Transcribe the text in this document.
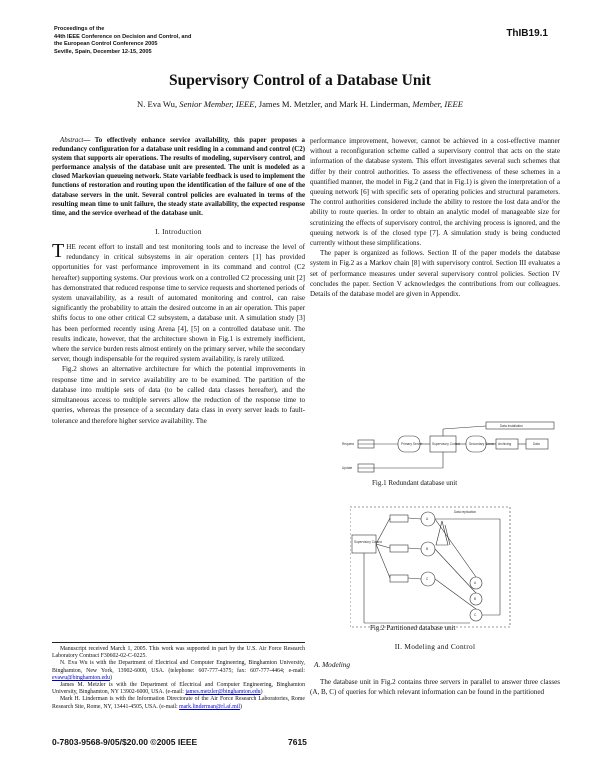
Proceedings of the
44th IEEE Conference on Decision and Control, and
the European Control Conference 2005
Seville, Spain, December 12-15, 2005
ThIB19.1
Supervisory Control of a Database Unit
N. Eva Wu, Senior Member, IEEE, James M. Metzler, and Mark H. Linderman, Member, IEEE

Abstract— To effectively enhance service availability, this paper proposes a redundancy configuration for a database unit residing in a command and control (C2) system that supports air operations. The results of modeling, supervisory control, and performance analysis of the database unit are presented. The unit is modeled as a closed Markovian queueing network. State variable feedback is used to implement the functions of restoration and routing upon the identification of the failure of one of the database servers in the unit. Several control policies are evaluated in terms of the resulting mean time to unit failure, the steady state availability, the expected response time, and the service overhead of the database unit.

I. Introduction

THE recent effort to install and test monitoring tools and to increase the level of redundancy in critical subsystems in air operation centers [1] has provided opportunities for vast performance improvement in its command and control (C2 hereafter) supporting systems. Our previous work on a controlled C2 processing unit [2] has demonstrated that reduced response time to service requests and shortened periods of system unavailability, as a result of automated monitoring and control, can raise significantly the probability to attain the desired outcome in an air operation. This paper shifts focus to one other critical C2 subsystem, a database unit. A simulation study [3] has been performed recently using Arena [4], [5] on a controlled database unit. The results indicate, however, that the architecture shown in Fig.1 is extremely inefficient, where the service burden rests almost entirely on the primary server, while the secondary server, though indispensable for the required system availability, is rarely utilized.

Fig.2 shows an alternative architecture for which the potential improvements in response time and in service availability are to be examined. The partition of the database into multiple sets of data (to be called data classes hereafter), and the simultaneous access to multiple servers allow the reduction of the response time to queries, whereas the presence of a secondary data class in every server leads to fault-tolerance and therefore higher service availability. The

Manuscript received March 1, 2005. This work was supported in part by the U.S. Air Force Research Laboratory Contract F30602-02-C-0225.

N. Eva Wu is with the Department of Electrical and Computer Engineering, Binghamton University, Binghamton, New York, 13902-6000, USA. (telephone: 607-777-4375; fax: 607-777-4464; e-mail: evawu@binghamton.edu)

James M. Metzler is with the Department of Electrical and Computer Engineering, Binghamton University, Binghamton, NY 13902-6000, USA. (e-mail: james.metzler@binghamton.edu)

Mark H. Linderman is with the Information Directorate of the Air Force Research Laboratories, Rome Research Site, Rome, NY, 13441-4505, USA. (e-mail: mark.linderman@rl.af.mil)

performance improvement, however, cannot be achieved in a cost-effective manner without a reconfiguration scheme called a supervisory control that acts on the state information of the database system. This effort investigates several such schemes that differ by their control authorities. To assess the effectiveness of these schemes in a quantified manner, the model in Fig.2 (and that in Fig.1) is given the interpretation of a queuing network [6] with specific sets of operating policies and structural parameters. The control authorities considered include the ability to restore the lost data and/or the ability to route queries. In order to obtain an analytic model of manageable size for scrutinizing the effects of supervisory control, the archiving process is ignored, and the queuing network is of the closed type [7]. A simulation study is being conducted currently without these simplifications.

The paper is organized as follows. Section II of the paper models the database system in Fig.2 as a Markov chain [8] with supervisory control. Section III evaluates a set of performance measures under several supervisory control policies. Section IV concludes the paper. Section V acknowledges the contributions from our colleagues. Details of the database model are given in Appendix.

Data Installation
Primary Server	Secondary Server
Supervisory Control	Archiving	Data
Request
Update
Fig.1 Redundant database unit
Data replication
Supervisory Control
A
B
C
A
B
C
Fig.2 Partitioned database unit
II. Modeling and Control
A. Modeling

The database unit in Fig.2 contains three servers in parallel to answer three classes (A, B, C) of queries for which relevant information can be found in the partitioned

0-7803-9568-9/05/$20.00 ©2005 IEEE	7615
